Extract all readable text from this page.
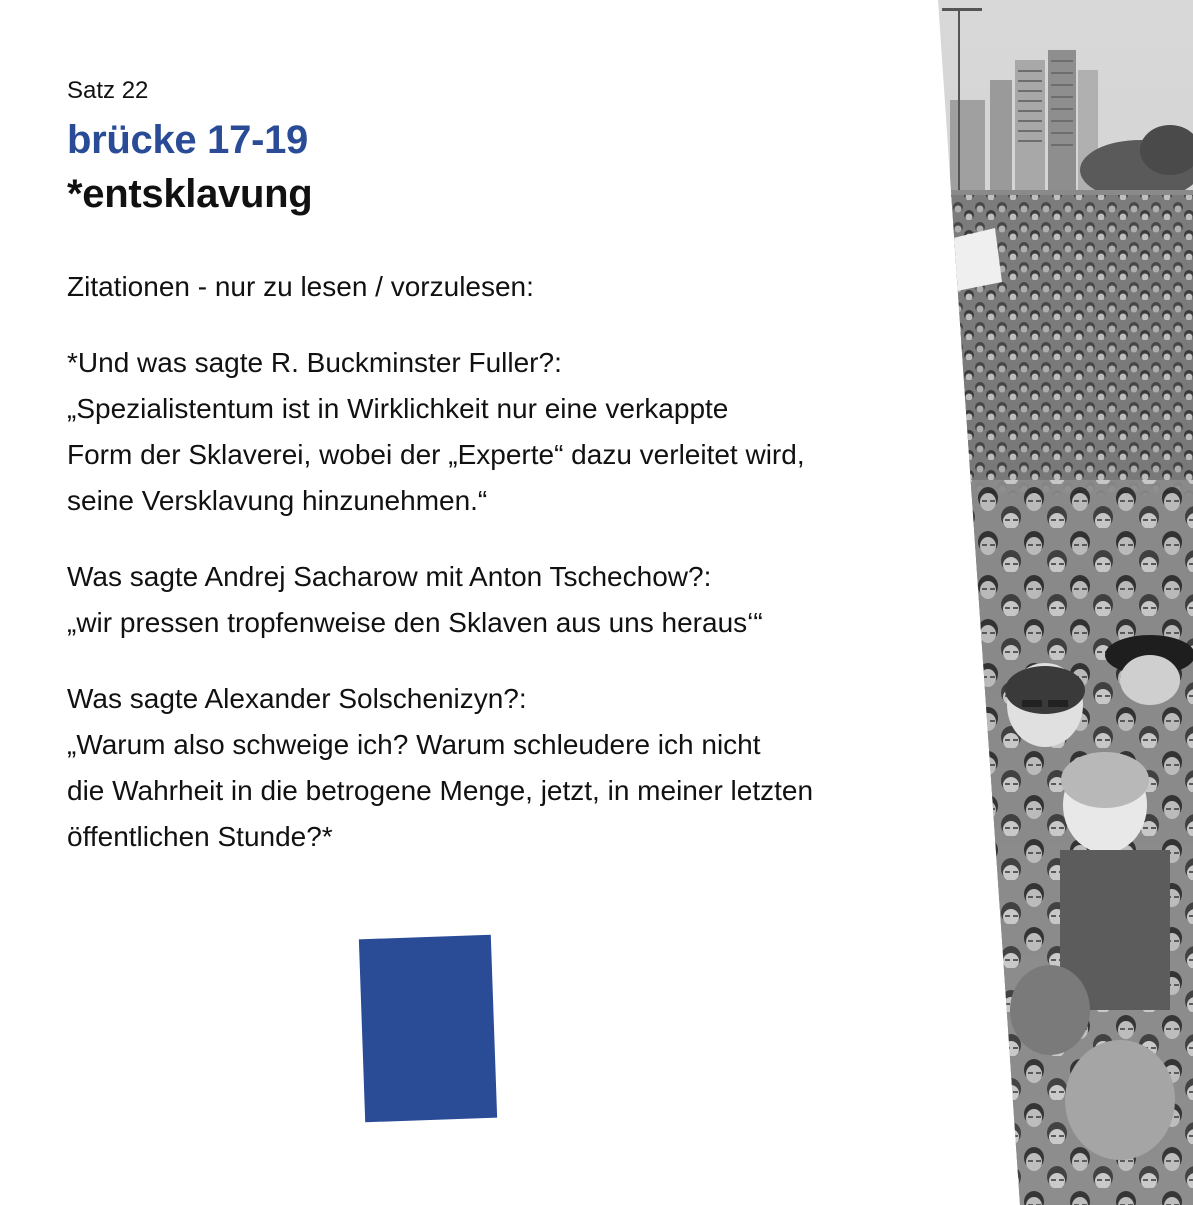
Satz 22

brücke 17-19
*entsklavung

Zitationen - nur zu lesen / vorzulesen:

*Und was sagte R. Buckminster Fuller?:

„Spezialistentum ist in Wirklichkeit nur eine verkappte

Form der Sklaverei, wobei der „Experte“ dazu verleitet wird,

seine Versklavung hinzunehmen.“

Was sagte Andrej Sacharow mit Anton Tschechow?:

„wir pressen tropfenweise den Sklaven aus uns heraus‘“

Was sagte Alexander Solschenizyn?:

„Warum also schweige ich? Warum schleudere ich nicht

die Wahrheit in die betrogene Menge, jetzt, in meiner letzten

öffentlichen Stunde?*
